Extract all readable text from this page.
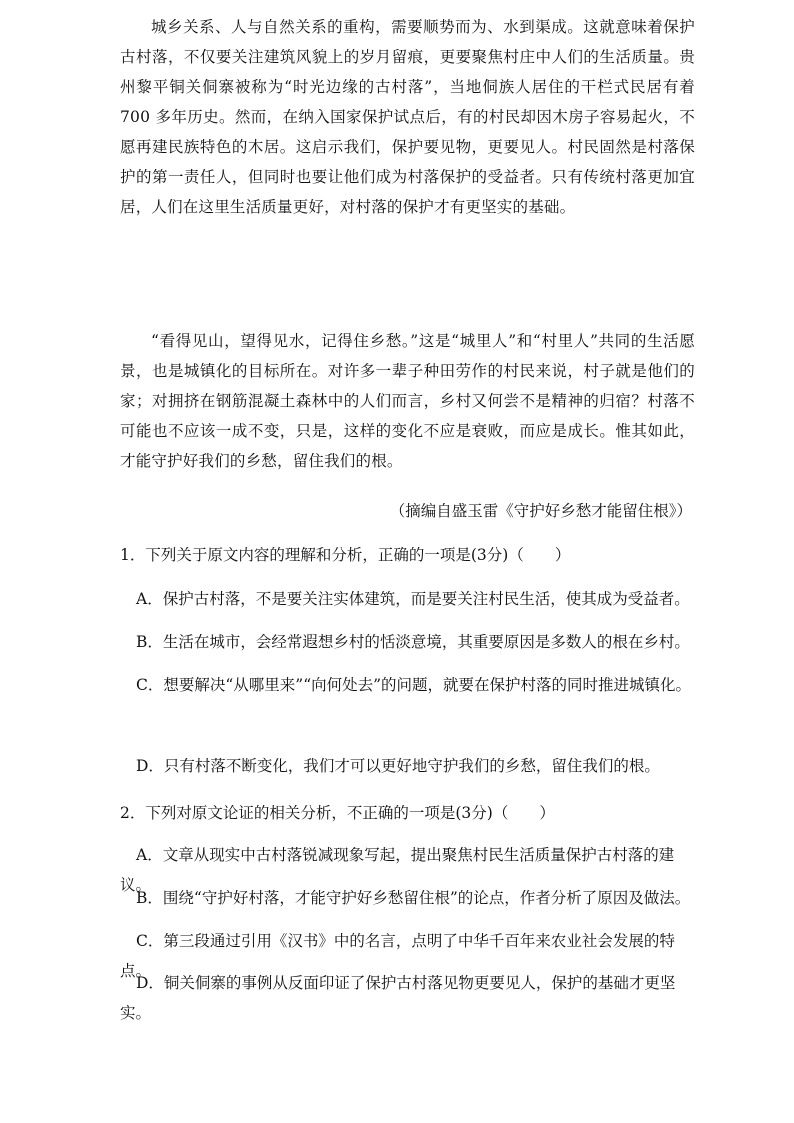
城乡关系、人与自然关系的重构，需要顺势而为、水到渠成。这就意味着保护古村落，不仅要关注建筑风貌上的岁月留痕，更要聚焦村庄中人们的生活质量。贵州黎平铜关侗寨被称为“时光边缘的古村落”，当地侗族人居住的干栏式民居有着 700 多年历史。然而，在纳入国家保护试点后，有的村民却因木房子容易起火，不愿再建民族特色的木居。这启示我们，保护要见物，更要见人。村民固然是村落保护的第一责任人，但同时也要让他们成为村落保护的受益者。只有传统村落更加宜居，人们在这里生活质量更好，对村落的保护才有更坚实的基础。

“看得见山，望得见水，记得住乡愁。”这是“城里人”和“村里人”共同的生活愿景，也是城镇化的目标所在。对许多一辈子种田劳作的村民来说，村子就是他们的家；对拥挤在钢筋混凝土森林中的人们而言，乡村又何尝不是精神的归宿？村落不可能也不应该一成不变，只是，这样的变化不应是衰败，而应是成长。惟其如此，才能守护好我们的乡愁，留住我们的根。

（摘编自盛玉雷《守护好乡愁才能留住根》）

1．下列关于原文内容的理解和分析，正确的一项是(3分)（　　）

A．保护古村落，不是要关注实体建筑，而是要关注村民生活，使其成为受益者。

B．生活在城市，会经常遐想乡村的恬淡意境，其重要原因是多数人的根在乡村。

C．想要解决“从哪里来”“向何处去”的问题，就要在保护村落的同时推进城镇化。

D．只有村落不断变化，我们才可以更好地守护我们的乡愁，留住我们的根。

2．下列对原文论证的相关分析，不正确的一项是(3分)（　　）

A．文章从现实中古村落锐减现象写起，提出聚焦村民生活质量保护古村落的建议。

B．围绕“守护好村落，才能守护好乡愁留住根”的论点，作者分析了原因及做法。

C．第三段通过引用《汉书》中的名言，点明了中华千百年来农业社会发展的特点。

D．铜关侗寨的事例从反面印证了保护古村落见物更要见人，保护的基础才更坚实。
